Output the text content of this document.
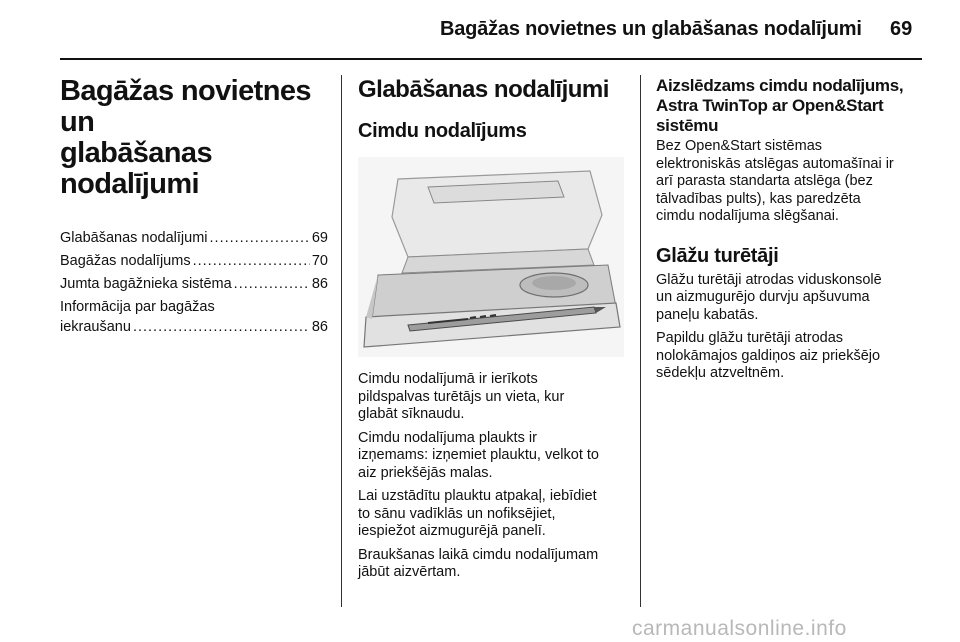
Bagāžas novietnes un glabāšanas nodalījumi 69
Bagāžas novietnes un
glabāšanas
nodalījumi
Glabāšanas nodalījumi .....	69
Bagāžas nodalījums .....	70
Jumta bagāžnieka sistēma .....	86
Informācija par bagāžas
iekraušanu .....	86
Glabāšanas nodalījumi
Cimdu nodalījums

Cimdu nodalījumā ir ierīkots
pildspalvas turētājs un vieta, kur
glabāt sīknaudu.

Cimdu nodalījuma plaukts ir
izņemams: izņemiet plauktu, velkot to
aiz priekšējās malas.

Lai uzstādītu plauktu atpakaļ, iebīdiet
to sānu vadīklās un nofiksējiet,
iespiežot aizmugurējā panelī.

Braukšanas laikā cimdu nodalījumam
jābūt aizvērtam.

Aizslēdzams cimdu nodalījums,
Astra TwinTop ar Open&Start
sistēmu

Bez Open&Start sistēmas
elektroniskās atslēgas automašīnai ir
arī parasta standarta atslēga (bez
tālvadības pults), kas paredzēta
cimdu nodalījuma slēgšanai.

Glāžu turētāji

Glāžu turētāji atrodas viduskonsolē
un aizmugurējo durvju apšuvuma
paneļu kabatās.

Papildu glāžu turētāji atrodas
nolokāmajos galdiņos aiz priekšējo
sēdekļu atzveltnēm.

carmanualsonline.info
